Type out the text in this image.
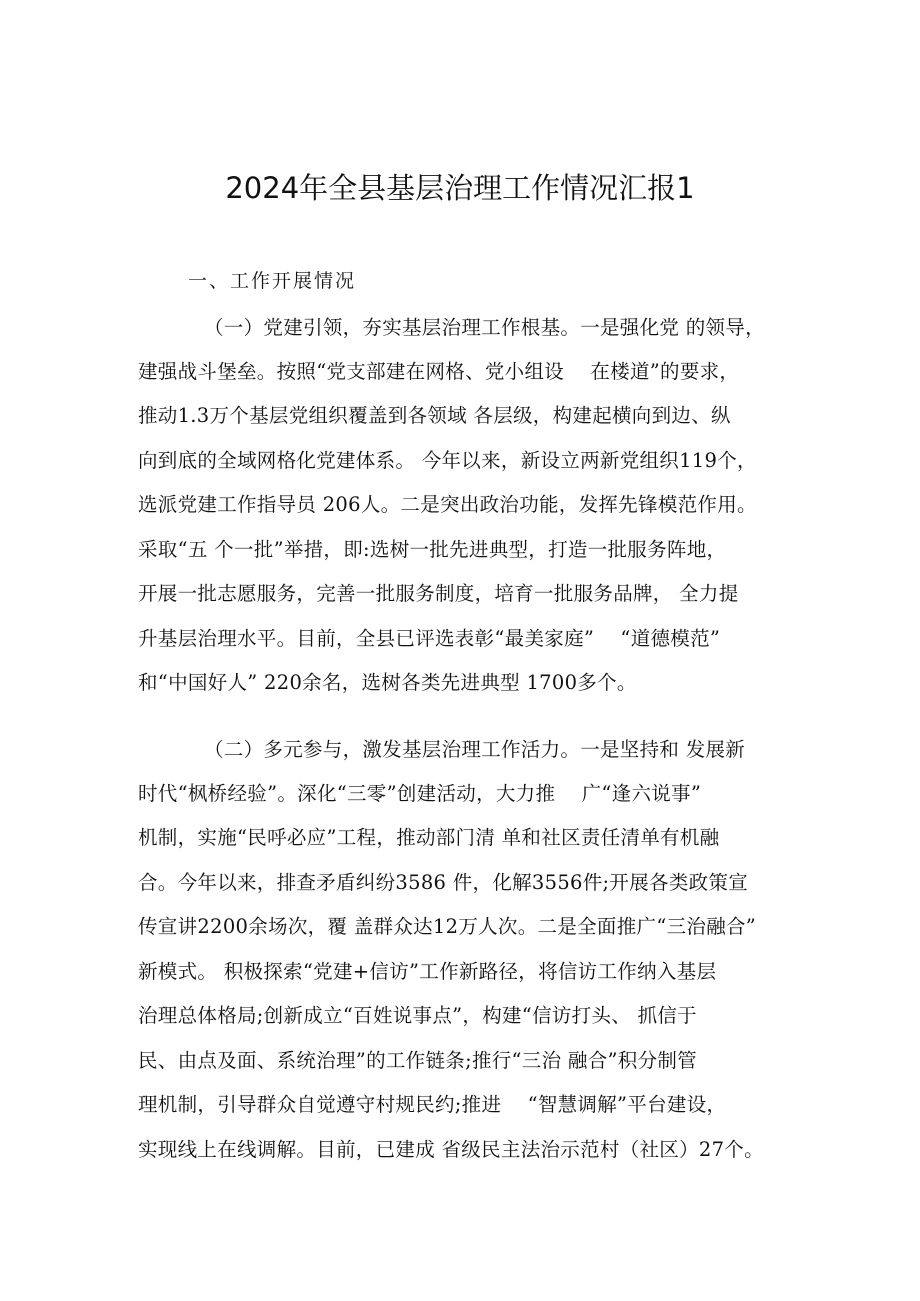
2024年全县基层治理工作情况汇报1

一、工作开展情况

（一）党建引领，夯实基层治理工作根基。一是强化党 的领导，

建强战斗堡垒。按照“党支部建在网格、党小组设　 在楼道”的要求，

推动1.3万个基层党组织覆盖到各领域 各层级，构建起横向到边、纵

向到底的全域网格化党建体系。 今年以来，新设立两新党组织119个，

选派党建工作指导员 206人。二是突出政治功能，发挥先锋模范作用。

采取“五 个一批”举措，即:选树一批先进典型，打造一批服务阵地，

开展一批志愿服务，完善一批服务制度，培育一批服务品牌， 全力提

升基层治理水平。目前，全县已评选表彰“最美家庭”　 “道德模范”

和“中国好人” 220余名，选树各类先进典型 1700多个。

（二）多元参与，激发基层治理工作活力。一是坚持和 发展新

时代“枫桥经验”。深化“三零”创建活动，大力推　 广“逢六说事”

机制，实施“民呼必应”工程，推动部门清 单和社区责任清单有机融

合。今年以来，排查矛盾纠纷3586 件，化解3556件;开展各类政策宣

传宣讲2200余场次，覆 盖群众达12万人次。二是全面推广“三治融合”

新模式。 积极探索“党建+信访”工作新路径，将信访工作纳入基层

治理总体格局;创新成立“百姓说事点”，构建“信访打头、 抓信于

民、由点及面、系统治理”的工作链条;推行“三治 融合”积分制管

理机制，引导群众自觉遵守村规民约;推进　 “智慧调解”平台建设，

实现线上在线调解。目前，已建成 省级民主法治示范村（社区）27个。
